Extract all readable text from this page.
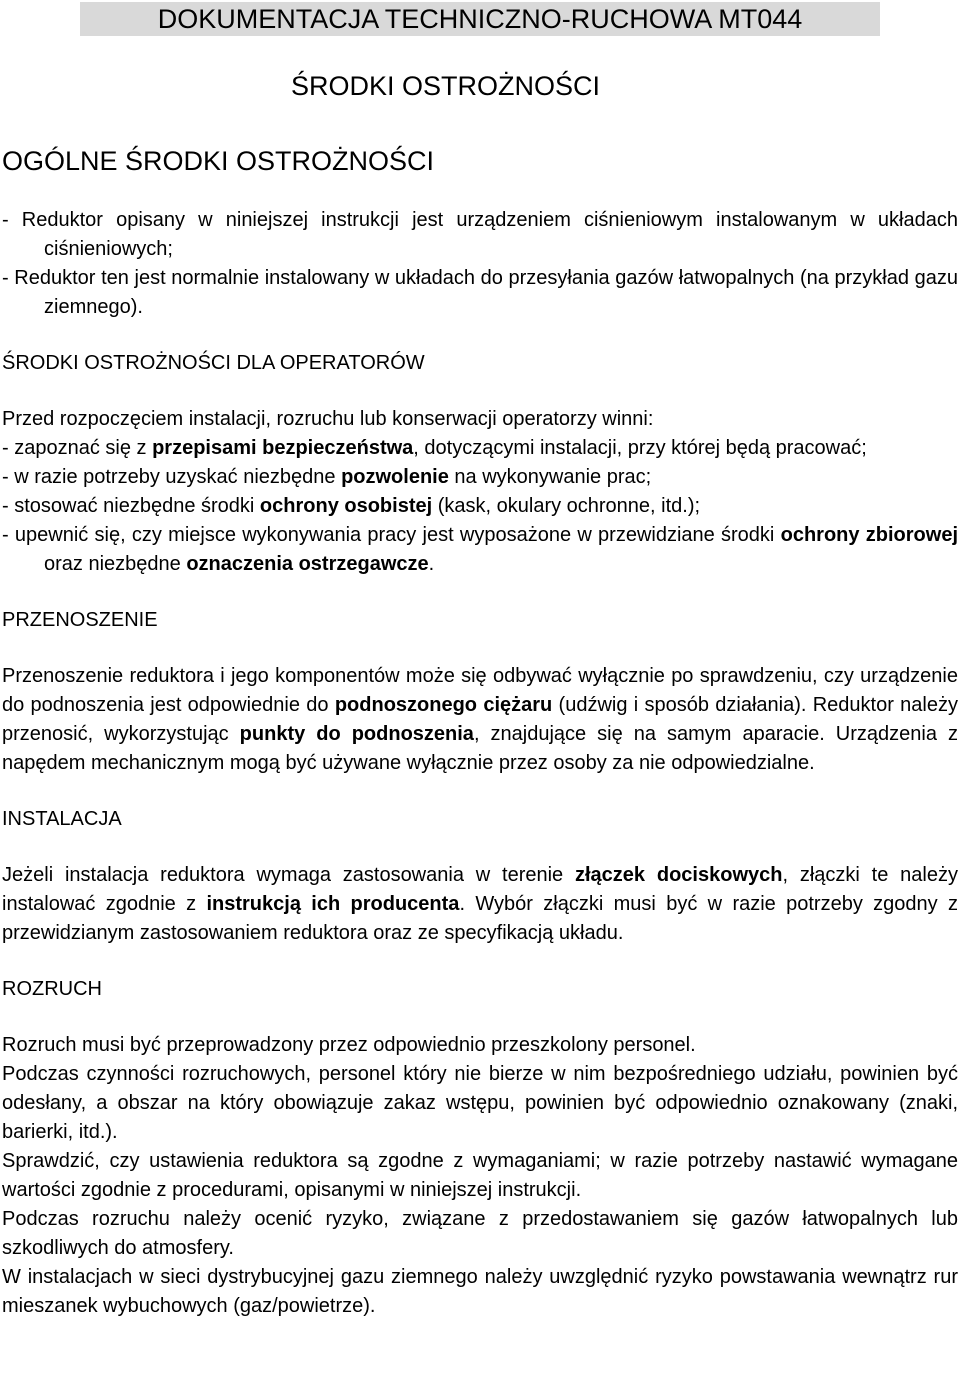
DOKUMENTACJA TECHNICZNO-RUCHOWA MT044
ŚRODKI OSTROŻNOŚCI
OGÓLNE ŚRODKI OSTROŻNOŚCI

- Reduktor opisany w niniejszej instrukcji jest urządzeniem ciśnieniowym instalowanym w układach ciśnieniowych;

- Reduktor ten jest normalnie instalowany w układach do przesyłania gazów łatwopalnych (na przykład gazu ziemnego).

ŚRODKI OSTROŻNOŚCI DLA OPERATORÓW

Przed rozpoczęciem instalacji, rozruchu lub konserwacji operatorzy winni:

- zapoznać się z przepisami bezpieczeństwa, dotyczącymi instalacji, przy której będą pracować;

- w razie potrzeby uzyskać niezbędne pozwolenie na wykonywanie prac;

- stosować niezbędne środki ochrony osobistej (kask, okulary ochronne, itd.);

- upewnić się, czy miejsce wykonywania pracy jest wyposażone w przewidziane środki ochrony zbiorowej oraz niezbędne oznaczenia ostrzegawcze.

PRZENOSZENIE

Przenoszenie reduktora i jego komponentów może się odbywać wyłącznie po sprawdzeniu, czy urządzenie do podnoszenia jest odpowiednie do podnoszonego ciężaru (udźwig i sposób działania). Reduktor należy przenosić, wykorzystując punkty do podnoszenia, znajdujące się na samym aparacie. Urządzenia z napędem mechanicznym mogą być używane wyłącznie przez osoby za nie odpowiedzialne.

INSTALACJA

Jeżeli instalacja reduktora wymaga zastosowania w terenie złączek dociskowych, złączki te należy instalować zgodnie z instrukcją ich producenta. Wybór złączki musi być w razie potrzeby zgodny z przewidzianym zastosowaniem reduktora oraz ze specyfikacją układu.

ROZRUCH

Rozruch musi być przeprowadzony przez odpowiednio przeszkolony personel.

Podczas czynności rozruchowych, personel który nie bierze w nim bezpośredniego udziału, powinien być odesłany, a obszar na który obowiązuje zakaz wstępu, powinien być odpowiednio oznakowany (znaki, barierki, itd.).

Sprawdzić, czy ustawienia reduktora są zgodne z wymaganiami; w razie potrzeby nastawić wymagane wartości zgodnie z procedurami, opisanymi w niniejszej instrukcji.

Podczas rozruchu należy ocenić ryzyko, związane z przedostawaniem się gazów łatwopalnych lub szkodliwych do atmosfery.

W instalacjach w sieci dystrybucyjnej gazu ziemnego należy uwzględnić ryzyko powstawania wewnątrz rur mieszanek wybuchowych (gaz/powietrze).
